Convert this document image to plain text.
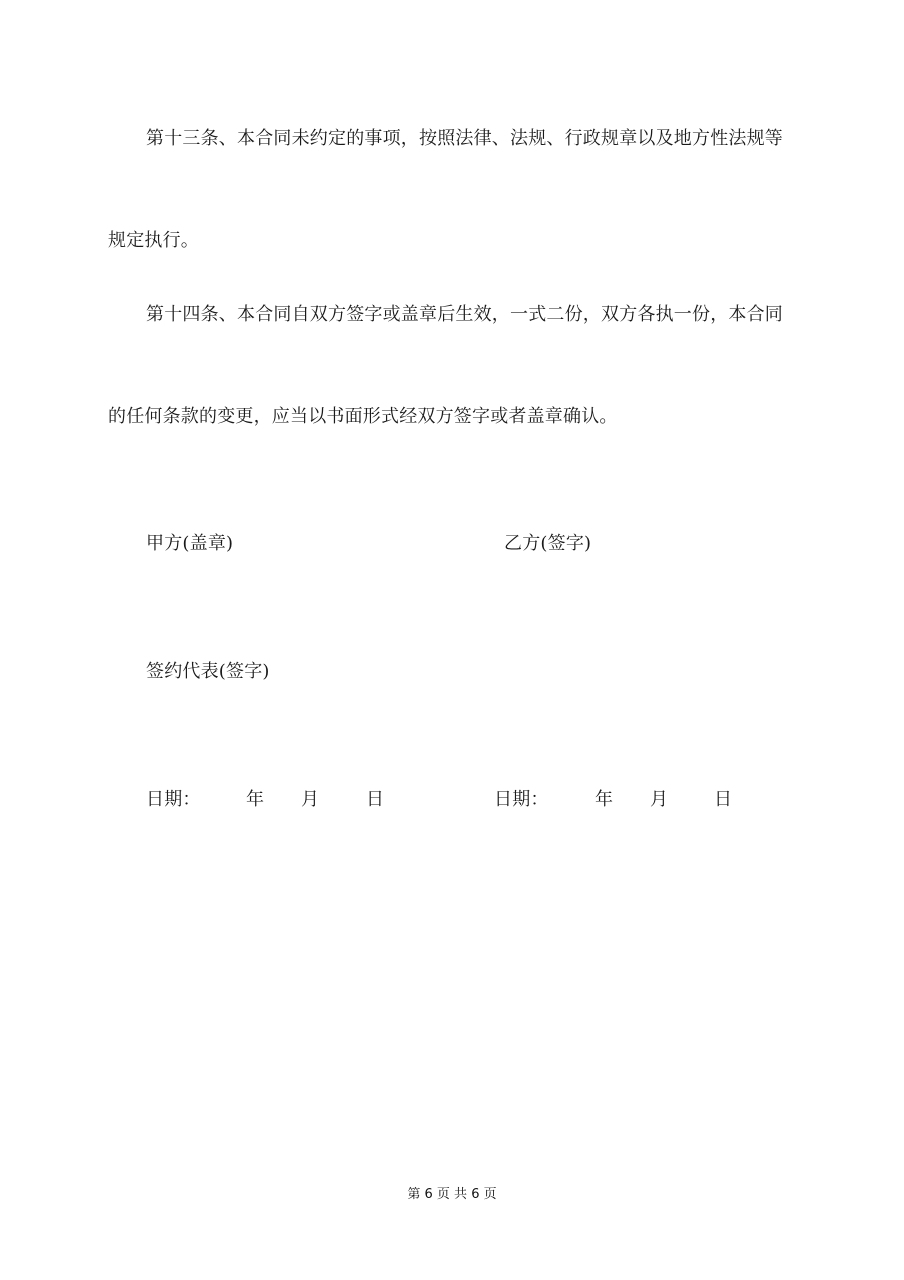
第十三条、本合同未约定的事项，按照法律、法规、行政规章以及地方性法规等
规定执行。
第十四条、本合同自双方签字或盖章后生效，一式二份，双方各执一份，本合同
的任何条款的变更，应当以书面形式经双方签字或者盖章确认。
甲方(盖章)	乙方(签字)
签约代表(签字)
日期：	年 月	日	日期：	年 月	日
第 6 页 共 6 页
